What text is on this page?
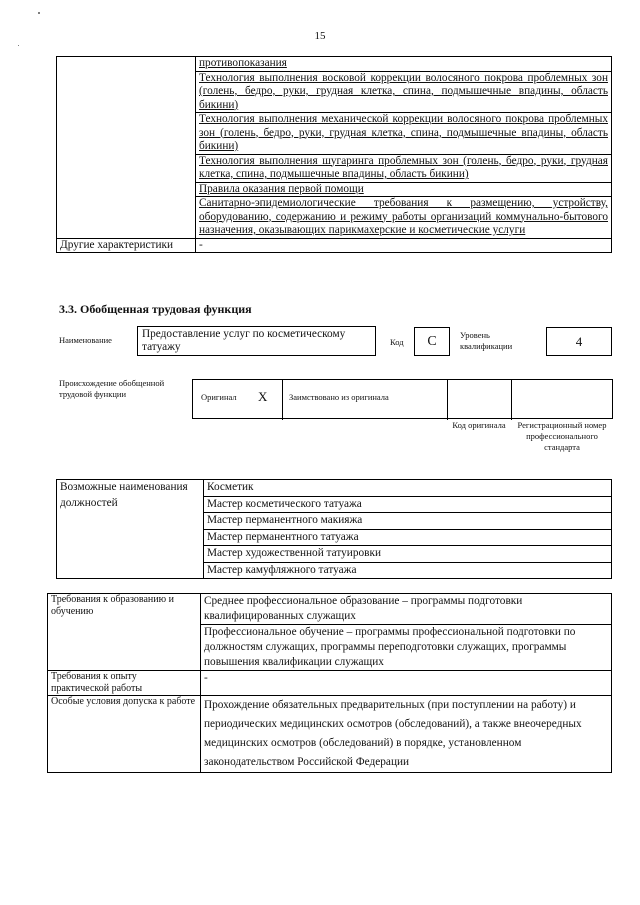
15
	противопоказания
	Технология выполнения восковой коррекции волосяного покрова проблемных зон (голень, бедро, руки, грудная клетка, спина, подмышечные впадины, область бикини)
	Технология выполнения механической коррекции волосяного покрова проблемных зон (голень, бедро, руки, грудная клетка, спина, подмышечные впадины, область бикини)
	Технология выполнения шугаринга проблемных зон (голень, бедро, руки, грудная клетка, спина, подмышечные впадины, область бикини)
	Правила оказания первой помощи
	Санитарно-эпидемиологические требования к размещению, устройству, оборудованию, содержанию и режиму работы организаций коммунально-бытового назначения, оказывающих парикмахерские и косметические услуги
Другие характеристики	-
3.3. Обобщенная трудовая функция
Наименование	Предоставление услуг по косметическому татуажу	Код	C	Уровень квалификации	4
Происхождение обобщенной трудовой функции	Оригинал X	Заимствовано из оригинала
Код оригинала	Регистрационный номер профессионального стандарта
Возможные наименования должностей	Косметик
Мастер косметического татуажа
Мастер перманентного макияжа
Мастер перманентного татуажа
Мастер художественной татуировки
Мастер камуфляжного татуажа
Требования к образованию и обучению	Среднее профессиональное образование – программы подготовки квалифицированных служащих
	Профессиональное обучение – программы профессиональной подготовки по должностям служащих, программы переподготовки служащих, программы повышения квалификации служащих
Требования к опыту практической работы	-
Особые условия допуска к работе	Прохождение обязательных предварительных (при поступлении на работу) и периодических медицинских осмотров (обследований), а также внеочередных медицинских осмотров (обследований) в порядке, установленном законодательством Российской Федерации
